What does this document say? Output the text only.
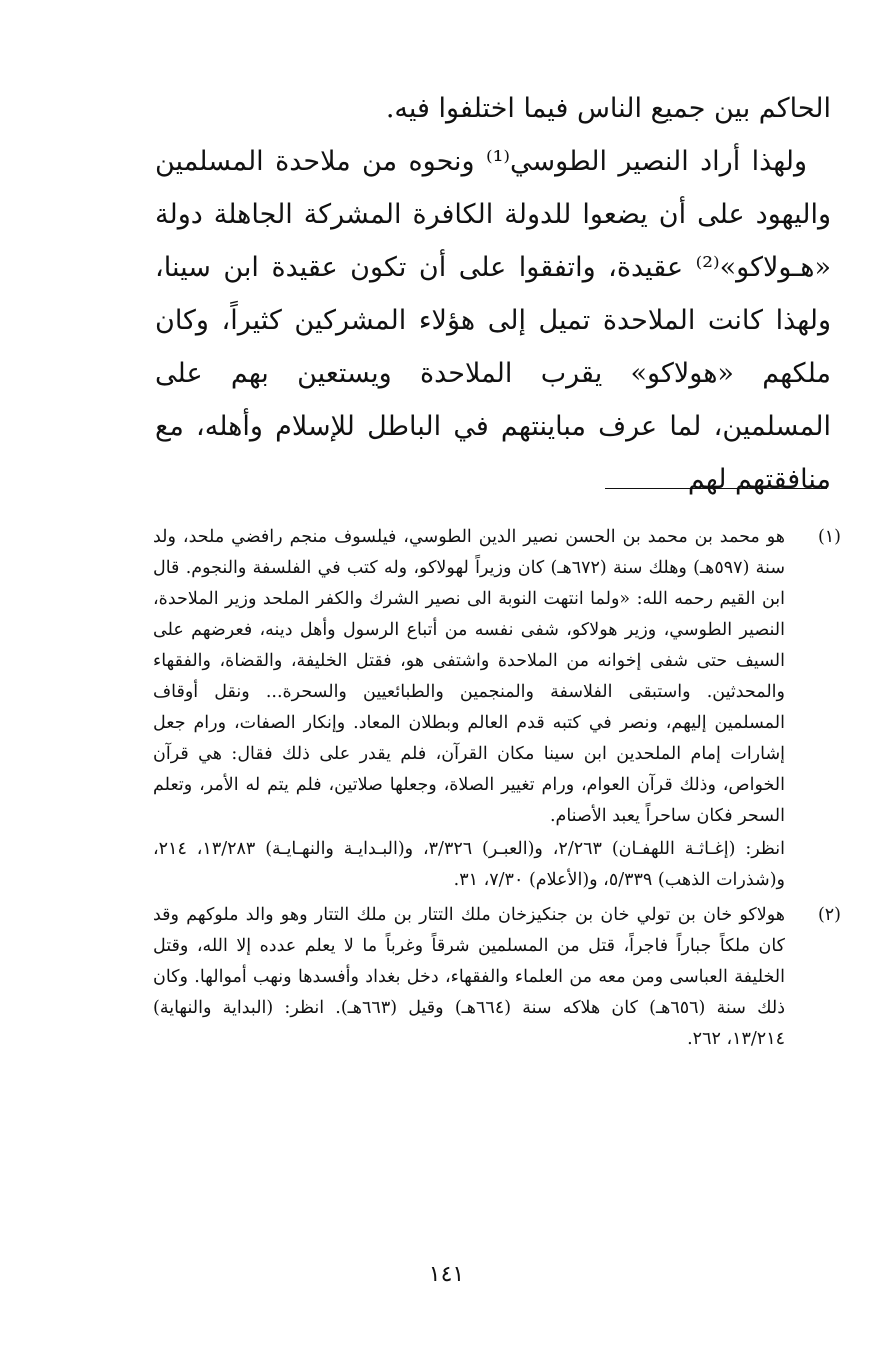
الحاكم بين جميع الناس فيما اختلفوا فيه.

ولهذا أراد النصير الطوسي⁽¹⁾ ونحوه من ملاحدة المسلمين واليهود على أن يضعوا للدولة الكافرة المشركة الجاهلة دولة «هـولاكو»⁽²⁾ عقيدة، واتفقوا على أن تكون عقيدة ابن سينا، ولهذا كانت الملاحدة تميل إلى هؤلاء المشركين كثيراً، وكان ملكهم «هولاكو» يقرب الملاحدة ويستعين بهم على المسلمين، لما عرف مباينتهم في الباطل للإسلام وأهله، مع منافقتهم لهم

(١)

هو محمد بن محمد بن الحسن نصير الدين الطوسي، فيلسوف منجم رافضي ملحد، ولد سنة (٥٩٧هـ) وهلك سنة (٦٧٢هـ) كان وزيراً لهولاكو، وله كتب في الفلسفة والنجوم. قال ابن القيم رحمه الله: «ولما انتهت النوبة الى نصير الشرك والكفر الملحد وزير الملاحدة، النصير الطوسي، وزير هولاكو، شفى نفسه من أتباع الرسول وأهل دينه، فعرضهم على السيف حتى شفى إخوانه من الملاحدة واشتفى هو، فقتل الخليفة، والقضاة، والفقهاء والمحدثين. واستبقى الفلاسفة والمنجمين والطبائعيين والسحرة... ونقل أوقاف المسلمين إليهم، ونصر في كتبه قدم العالم وبطلان المعاد. وإنكار الصفات، ورام جعل إشارات إمام الملحدين ابن سينا مكان القرآن، فلم يقدر على ذلك فقال: هي قرآن الخواص، وذلك قرآن العوام، ورام تغيير الصلاة، وجعلها صلاتين، فلم يتم له الأمر، وتعلم السحر فكان ساحراً يعبد الأصنام.

انظر: (إغـاثـة اللهفـان) ٢/٢٦٣، و(العبـر) ٣/٣٢٦، و(البـدايـة والنهـايـة) ١٣/٢٨٣، ٢١٤، و(شذرات الذهب) ٥/٣٣٩، و(الأعلام) ٧/٣٠، ٣١.

(٢)

هولاكو خان بن تولي خان بن جنكيزخان ملك التتار بن ملك التتار وهو والد ملوكهم وقد كان ملكاً جباراً فاجراً، قتل من المسلمين شرقاً وغرباً ما لا يعلم عدده إلا الله، وقتل الخليفة العباسى ومن معه من العلماء والفقهاء، دخل بغداد وأفسدها ونهب أموالها. وكان ذلك سنة (٦٥٦هـ) كان هلاكه سنة (٦٦٤هـ) وقيل (٦٦٣هـ). انظر: (البداية والنهاية) ١٣/٢١٤، ٢٦٢.

١٤١
